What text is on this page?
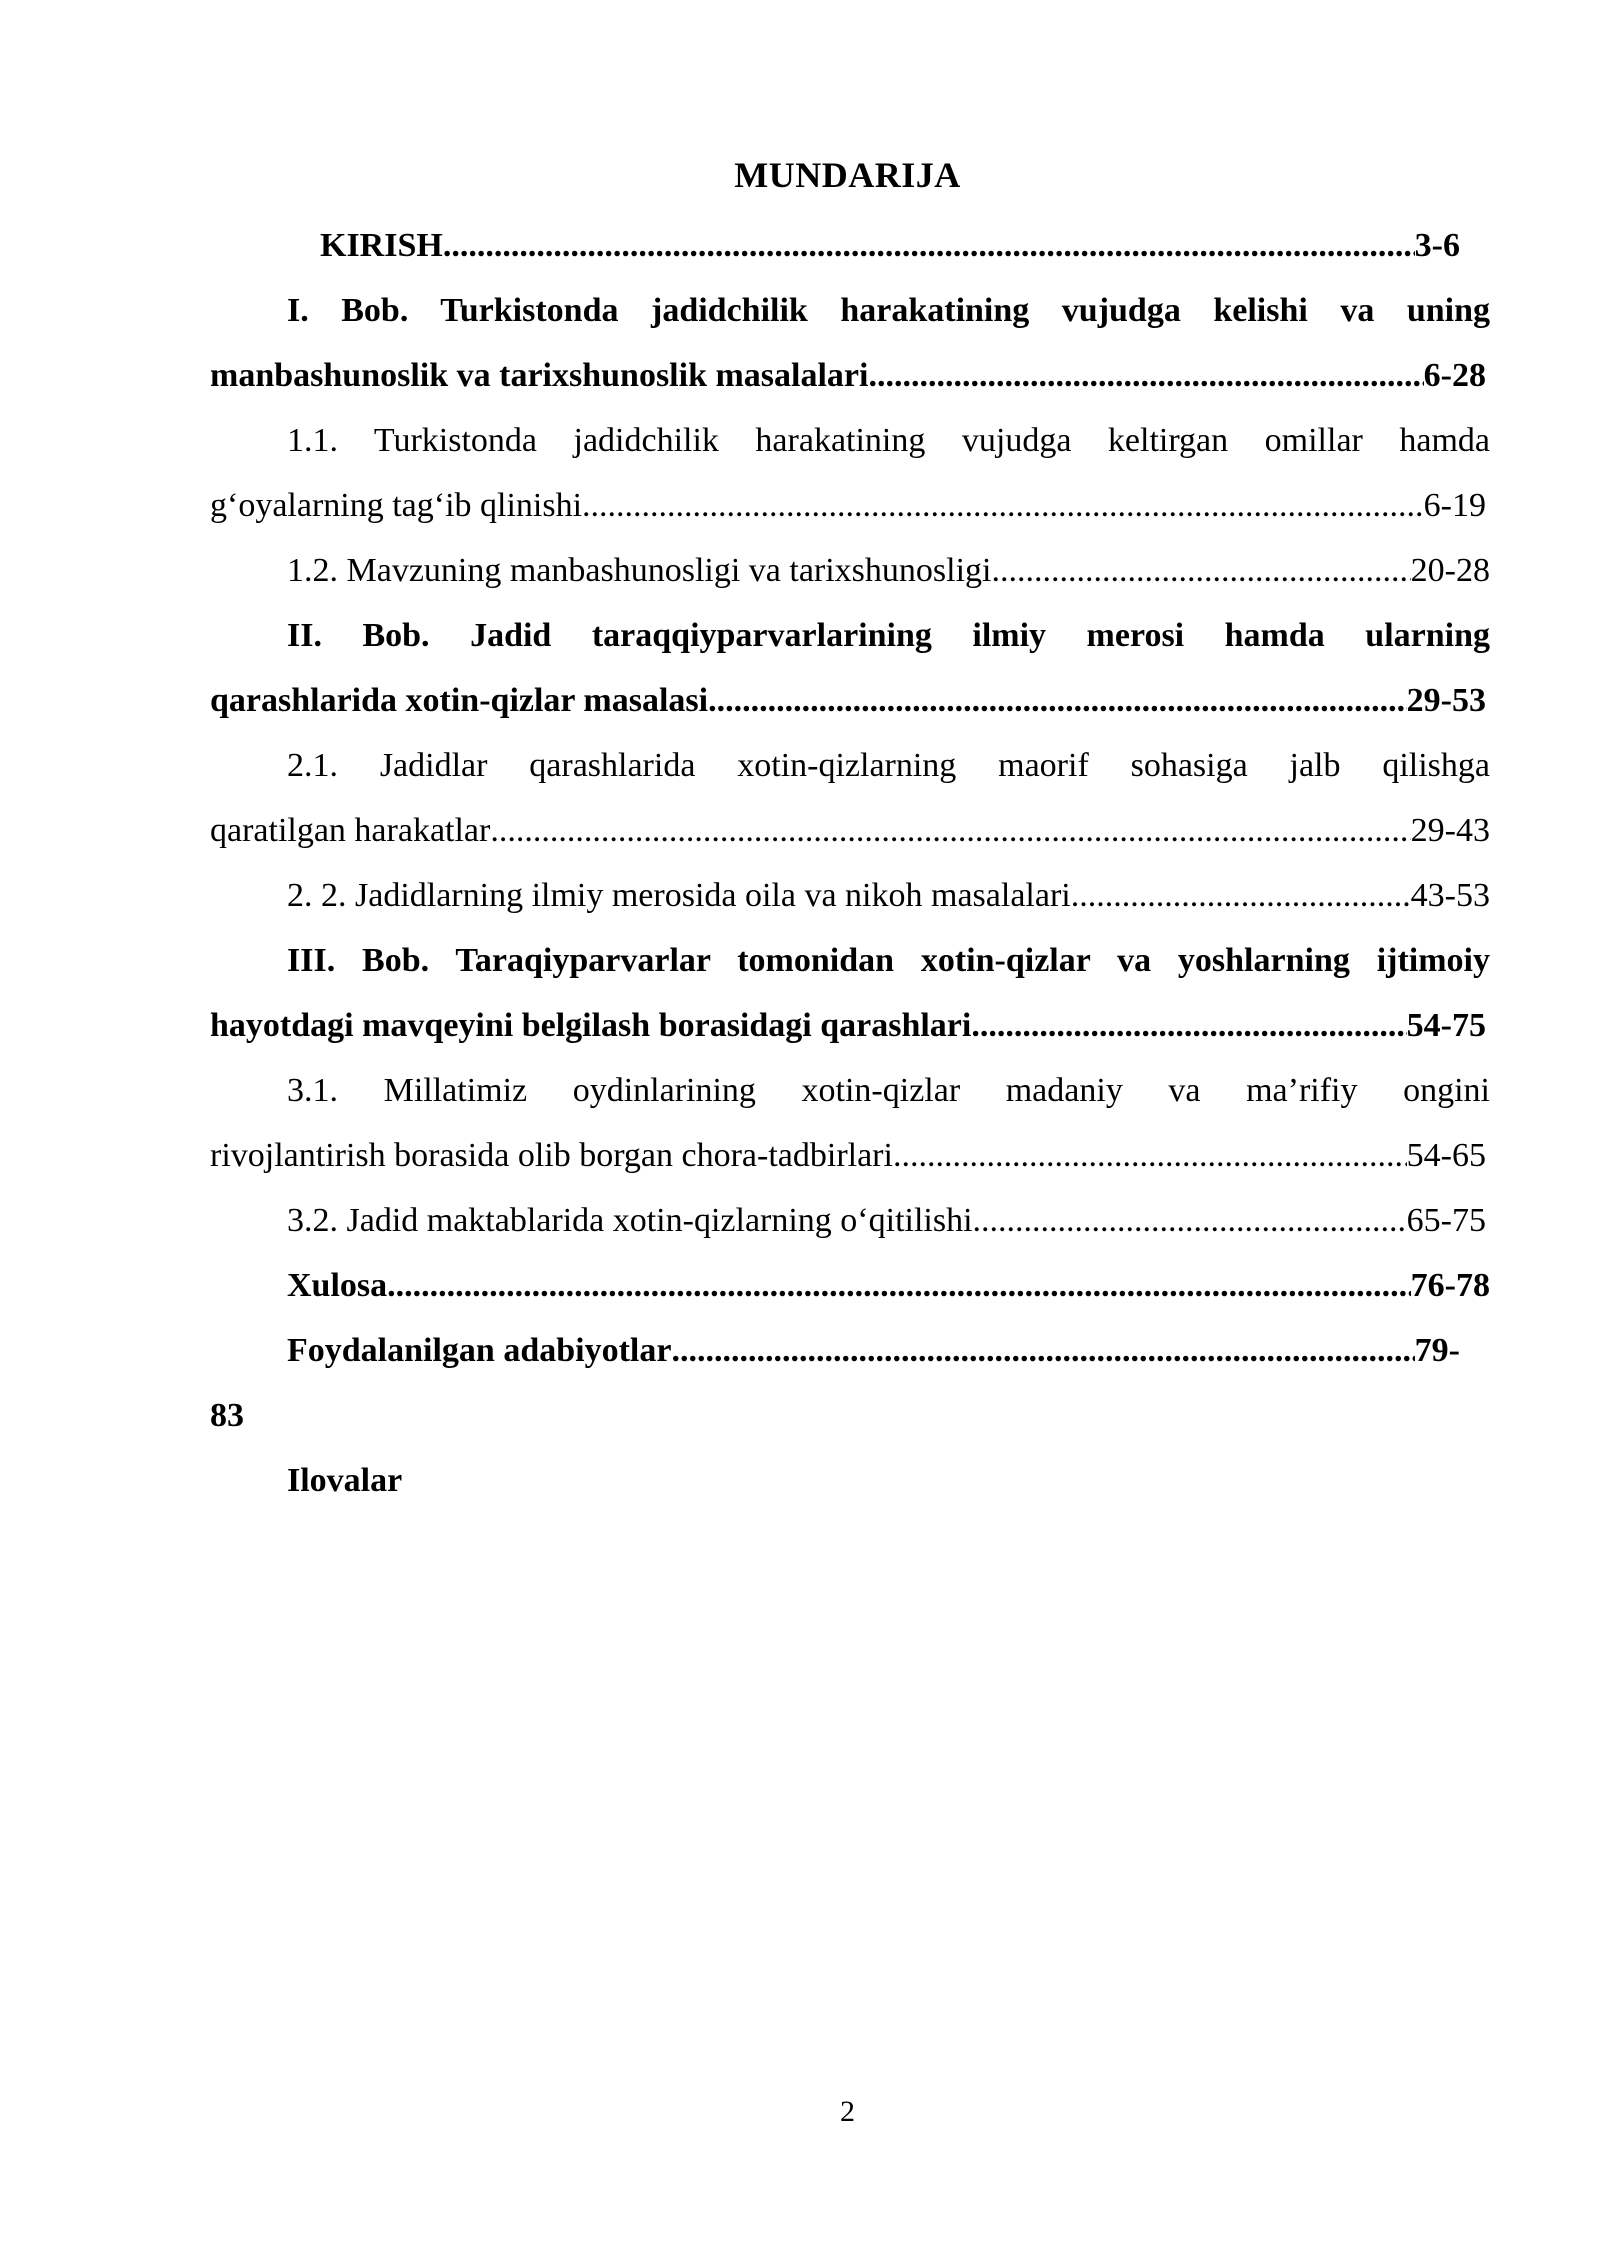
MUNDARIJA
KIRISH .....	3-6
I. Bob. Turkistonda jadidchilik harakatining vujudga kelishi va uning
manbashunoslik va tarixshunoslik masalalari .....	6-28
1.1. Turkistonda jadidchilik harakatining vujudga keltirgan omillar hamda
g‘oyalarning tag‘ib qlinishi .....	6-19
1.2. Mavzuning manbashunosligi va tarixshunosligi. .....	20-28
II. Bob. Jadid taraqqiyparvarlarining ilmiy merosi hamda ularning
qarashlarida xotin-qizlar masalasi .....	29-53
2.1. Jadidlar qarashlarida xotin-qizlarning maorif sohasiga jalb qilishga
qaratilgan harakatlar .....	29-43
2. 2. Jadidlarning ilmiy merosida oila va nikoh masalalari. .....	43-53
III. Bob. Taraqiyparvarlar tomonidan xotin-qizlar va yoshlarning ijtimoiy
hayotdagi mavqeyini belgilash borasidagi qarashlari .....	54-75
3.1. Millatimiz oydinlarining xotin-qizlar madaniy va ma’rifiy ongini
rivojlantirish borasida olib borgan chora-tadbirlari .....	54-65
3.2. Jadid maktablarida xotin-qizlarning o‘qitilishi .....	65-75
Xulosa .....	76-78
Foydalanilgan adabiyotlar .....	79-
83
Ilovalar
2
